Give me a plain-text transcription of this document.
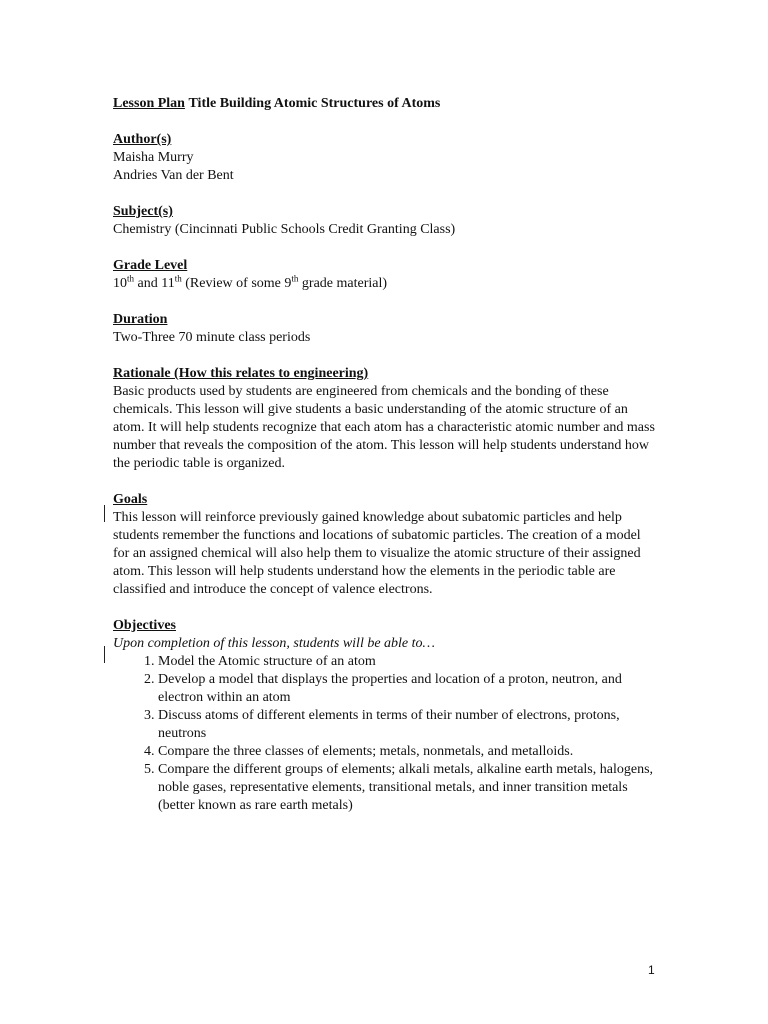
Lesson Plan Title Building Atomic Structures of Atoms
Author(s)
Maisha Murry
Andries Van der Bent
Subject(s)
Chemistry (Cincinnati Public Schools Credit Granting Class)
Grade Level
10th and 11th (Review of some 9th grade material)
Duration
Two-Three 70 minute class periods
Rationale (How this relates to engineering)

Basic products used by students are engineered from chemicals and the bonding of these chemicals. This lesson will give students a basic understanding of the atomic structure of an atom. It will help students recognize that each atom has a characteristic atomic number and mass number that reveals the composition of the atom. This lesson will help students understand how the periodic table is organized.

Goals

This lesson will reinforce previously gained knowledge about subatomic particles and help students remember the functions and locations of subatomic particles. The creation of a model for an assigned chemical will also help them to visualize the atomic structure of their assigned atom. This lesson will help students understand how the elements in the periodic table are classified and introduce the concept of valence electrons.

Objectives
Upon completion of this lesson, students will be able to…
1. Model the Atomic structure of an atom
2. Develop a model that displays the properties and location of a proton, neutron, and electron within an atom
3. Discuss atoms of different elements in terms of their number of electrons, protons, neutrons
4. Compare the three classes of elements; metals, nonmetals, and metalloids.
5. Compare the different groups of elements; alkali metals, alkaline earth metals, halogens, noble gases, representative elements, transitional metals, and inner transition metals (better known as rare earth metals)
1
